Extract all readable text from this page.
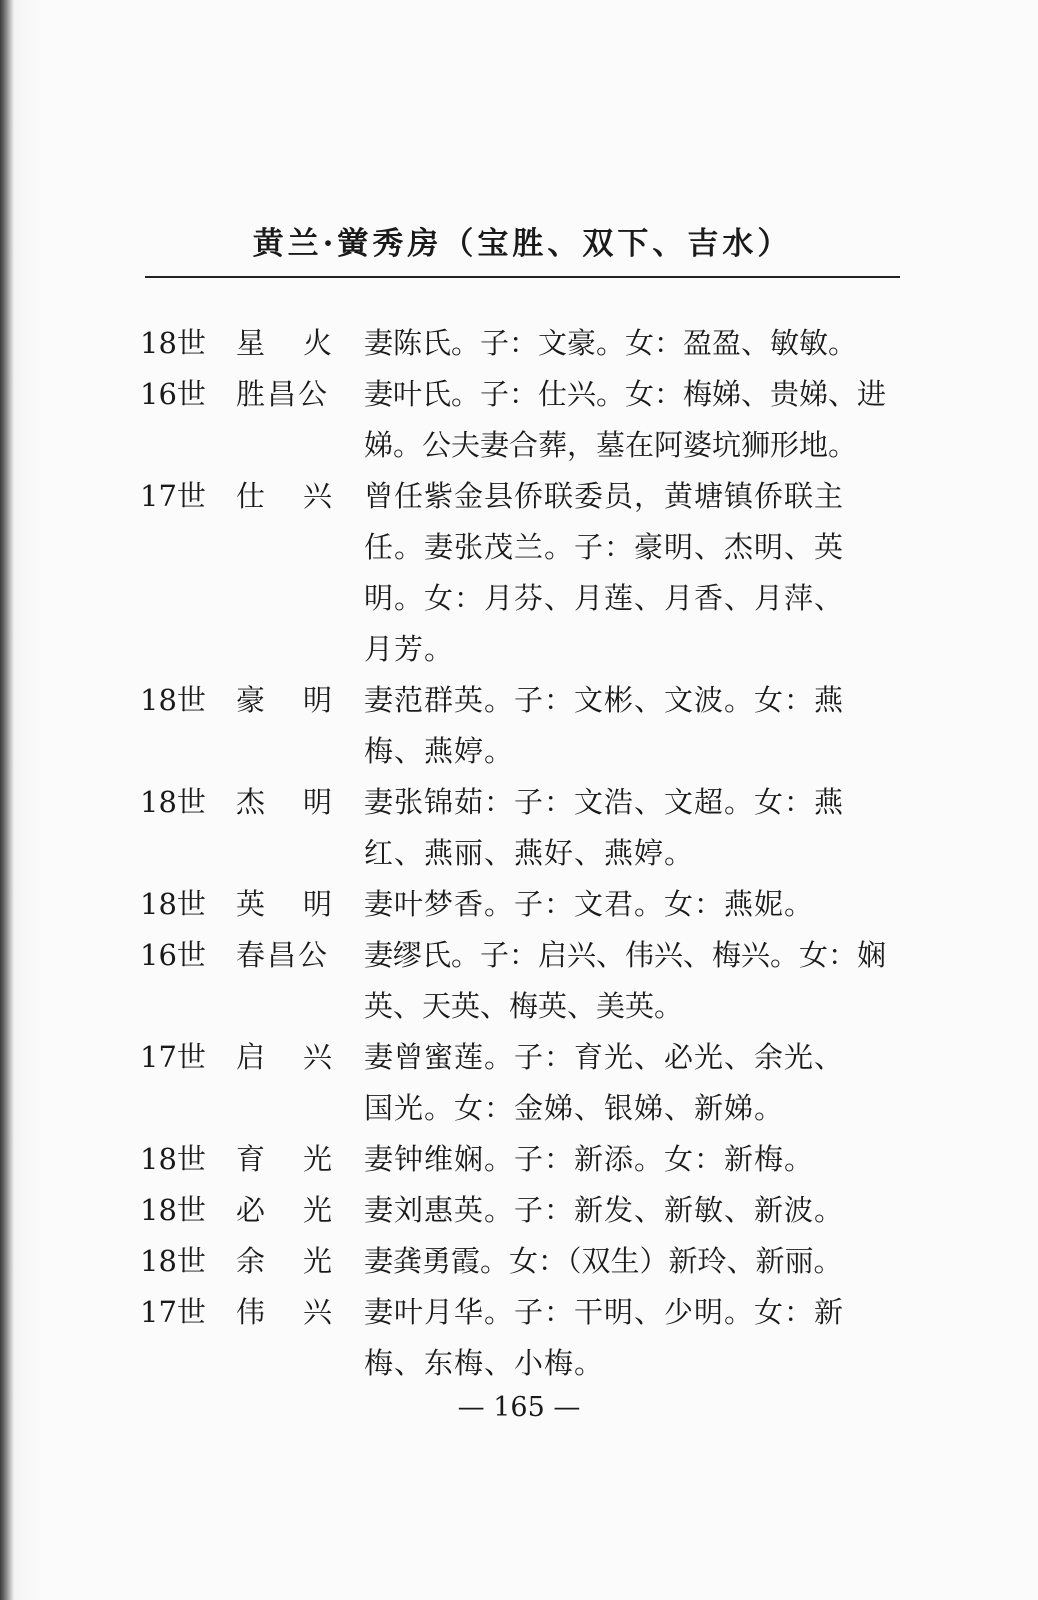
黄兰·黉秀房（宝胜、双下、吉水）
18世	星 火 妻陈氏。子：文豪。女：盈盈、敏敏。
16世	胜昌公	妻叶氏。子：仕兴。女：梅娣、贵娣、进
娣。公夫妻合葬，墓在阿婆坑狮形地。
17世	仕 兴 曾任紫金县侨联委员，黄塘镇侨联主
任。妻张茂兰。子：豪明、杰明、英
明。女：月芬、月莲、月香、月萍、
月芳。
18世	豪 明 妻范群英。子：文彬、文波。女：燕
梅、燕婷。
18世	杰 明 妻张锦茹：子：文浩、文超。女：燕
红、燕丽、燕好、燕婷。
18世	英 明 妻叶梦香。子：文君。女：燕妮。
16世	春昌公	妻缪氏。子：启兴、伟兴、梅兴。女：娴
英、天英、梅英、美英。
17世	启 兴 妻曾蜜莲。子：育光、必光、余光、
国光。女：金娣、银娣、新娣。
18世	育 光 妻钟维娴。子：新添。女：新梅。
18世	必 光 妻刘惠英。子：新发、新敏、新波。
18世	余 光 妻龚勇霞。女：（双生）新玲、新丽。
17世	伟 兴 妻叶月华。子：干明、少明。女：新
梅、东梅、小梅。
— 165 —
